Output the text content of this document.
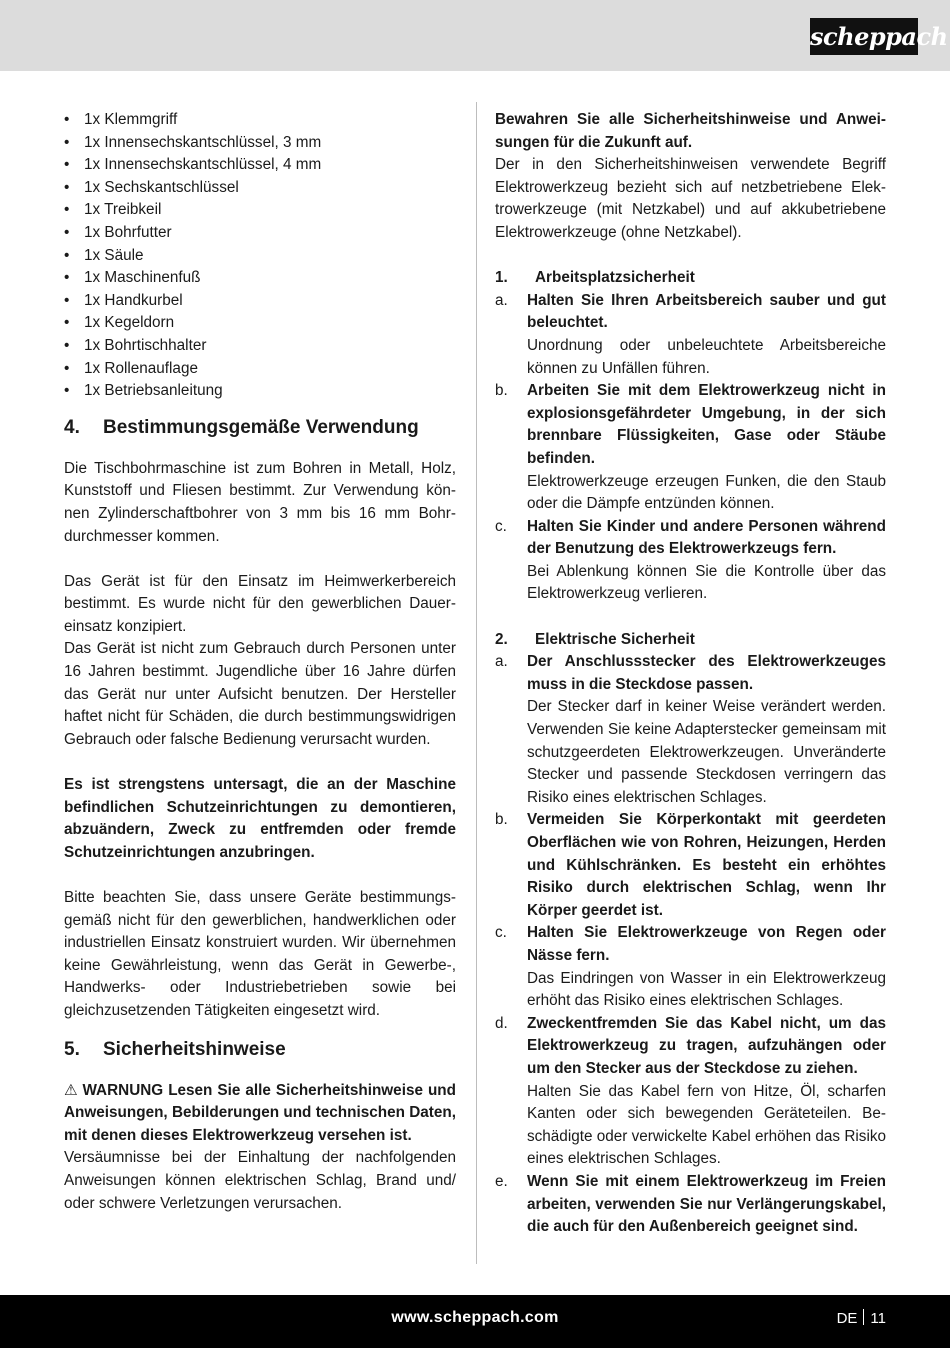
scheppach
• 1x Klemmgriff
• 1x Innensechskantschlüssel, 3 mm
• 1x Innensechskantschlüssel, 4 mm
• 1x Sechskantschlüssel
• 1x Treibkeil
• 1x Bohrfutter
• 1x Säule
• 1x Maschinenfuß
• 1x Handkurbel
• 1x Kegeldorn
• 1x Bohrtischhalter
• 1x Rollenauflage
• 1x Betriebsanleitung
4.	Bestimmungsgemäße Verwendung

Die Tischbohrmaschine ist zum Bohren in Metall, Holz, Kunststoff und Fliesen bestimmt. Zur Verwendung können Zylinderschaftbohrer von 3 mm bis 16 mm Bohrdurchmesser kommen.

Das Gerät ist für den Einsatz im Heimwerkerbereich bestimmt. Es wurde nicht für den gewerblichen Dauereinsatz konzipiert.

Das Gerät ist nicht zum Gebrauch durch Personen unter 16 Jahren bestimmt. Jugendliche über 16 Jahre dürfen das Gerät nur unter Aufsicht benutzen. Der Hersteller haftet nicht für Schäden, die durch bestimmungswidrigen Gebrauch oder falsche Bedienung verursacht wurden.

Es ist strengstens untersagt, die an der Maschine befindlichen Schutzeinrichtungen zu demontieren, abzuändern, Zweck zu entfremden oder fremde Schutzeinrichtungen anzubringen.

Bitte beachten Sie, dass unsere Geräte bestimmungsgemäß nicht für den gewerblichen, handwerklichen oder industriellen Einsatz konstruiert wurden. Wir übernehmen keine Gewährleistung, wenn das Gerät in Gewerbe-, Handwerks- oder Industriebetrieben sowie bei gleichzusetzenden Tätigkeiten eingesetzt wird.

5.	Sicherheitshinweise

⚠ WARNUNG Lesen Sie alle Sicherheitshinweise und Anweisungen, Bebilderungen und technischen Daten, mit denen dieses Elektrowerkzeug versehen ist.

Versäumnisse bei der Einhaltung der nachfolgenden Anweisungen können elektrischen Schlag, Brand und/ oder schwere Verletzungen verursachen.

Bewahren Sie alle Sicherheitshinweise und Anweisungen für die Zukunft auf.

Der in den Sicherheitshinweisen verwendete Begriff Elektrowerkzeug bezieht sich auf netzbetriebene Elektrowerkzeuge (mit Netzkabel) und auf akkubetriebene Elektrowerkzeuge (ohne Netzkabel).

1.	Arbeitsplatzsicherheit
a.	Halten Sie Ihren Arbeitsbereich sauber und gut beleuchtet.

Unordnung oder unbeleuchtete Arbeitsbereiche können zu Unfällen führen.

b.	Arbeiten Sie mit dem Elektrowerkzeug nicht in explosionsgefährdeter Umgebung, in der sich brennbare Flüssigkeiten, Gase oder Stäube befinden.

Elektrowerkzeuge erzeugen Funken, die den Staub oder die Dämpfe entzünden können.

c.	Halten Sie Kinder und andere Personen während der Benutzung des Elektrowerkzeugs fern.

Bei Ablenkung können Sie die Kontrolle über das Elektrowerkzeug verlieren.

2.	Elektrische Sicherheit
a.	Der Anschlussstecker des Elektrowerkzeuges muss in die Steckdose passen.

Der Stecker darf in keiner Weise verändert werden. Verwenden Sie keine Adapterstecker gemeinsam mit schutzgeerdeten Elektrowerkzeugen. Unveränderte Stecker und passende Steckdosen verringern das Risiko eines elektrischen Schlages.

b.	Vermeiden Sie Körperkontakt mit geerdeten Oberflächen wie von Rohren, Heizungen, Herden und Kühlschränken. Es besteht ein erhöhtes Risiko durch elektrischen Schlag, wenn Ihr Körper geerdet ist.

c.	Halten Sie Elektrowerkzeuge von Regen oder Nässe fern.

Das Eindringen von Wasser in ein Elektrowerkzeug erhöht das Risiko eines elektrischen Schlages.

d.	Zweckentfremden Sie das Kabel nicht, um das Elektrowerkzeug zu tragen, aufzuhängen oder um den Stecker aus der Steckdose zu ziehen.

Halten Sie das Kabel fern von Hitze, Öl, scharfen Kanten oder sich bewegenden Geräteteilen. Beschädigte oder verwickelte Kabel erhöhen das Risiko eines elektrischen Schlages.

e.	Wenn Sie mit einem Elektrowerkzeug im Freien arbeiten, verwenden Sie nur Verlängerungskabel, die auch für den Außenbereich geeignet sind.

www.scheppach.com	DE 11
